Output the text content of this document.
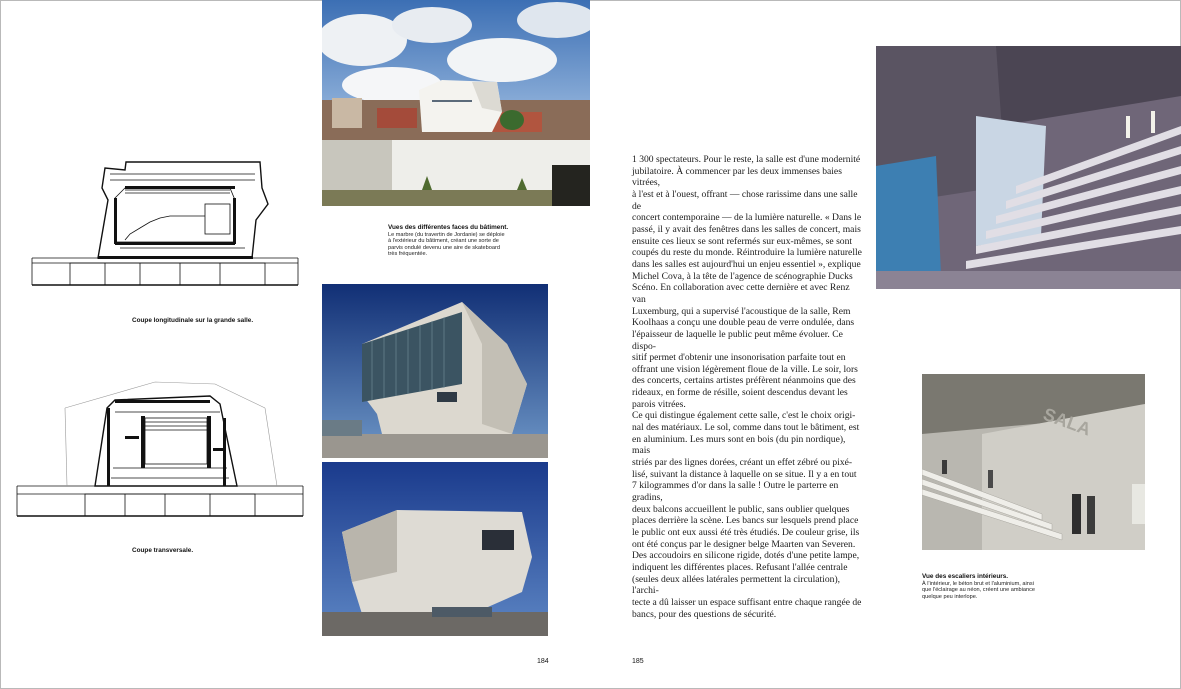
Coupe longitudinale sur la grande salle.
Coupe transversale.
Vues des différentes faces du bâtiment.
Le marbre (du travertin de Jordanie) se déploie
à l'extérieur du bâtiment, créant une sorte de
parvis ondulé devenu une aire de skateboard
très fréquentée.
184
1 300 spectateurs. Pour le reste, la salle est d'une modernité
jubilatoire. À commencer par les deux immenses baies vitrées,
à l'est et à l'ouest, offrant — chose rarissime dans une salle de
concert contemporaine — de la lumière naturelle. « Dans le
passé, il y avait des fenêtres dans les salles de concert, mais
ensuite ces lieux se sont refermés sur eux-mêmes, se sont
coupés du reste du monde. Réintroduire la lumière naturelle
dans les salles est aujourd'hui un enjeu essentiel », explique
Michel Cova, à la tête de l'agence de scénographie Ducks
Scéno. En collaboration avec cette dernière et avec Renz van
Luxemburg, qui a supervisé l'acoustique de la salle, Rem
Koolhaas a conçu une double peau de verre ondulée, dans
l'épaisseur de laquelle le public peut même évoluer. Ce dispo-
sitif permet d'obtenir une insonorisation parfaite tout en
offrant une vision légèrement floue de la ville. Le soir, lors
des concerts, certains artistes préfèrent néanmoins que des
rideaux, en forme de résille, soient descendus devant les
parois vitrées.
Ce qui distingue également cette salle, c'est le choix origi-
nal des matériaux. Le sol, comme dans tout le bâtiment, est
en aluminium. Les murs sont en bois (du pin nordique), mais
striés par des lignes dorées, créant un effet zébré ou pixé-
lisé, suivant la distance à laquelle on se situe. Il y a en tout
7 kilogrammes d'or dans la salle ! Outre le parterre en gradins,
deux balcons accueillent le public, sans oublier quelques
places derrière la scène. Les bancs sur lesquels prend place
le public ont eux aussi été très étudiés. De couleur grise, ils
ont été conçus par le designer belge Maarten van Severen.
Des accoudoirs en silicone rigide, dotés d'une petite lampe,
indiquent les différentes places. Refusant l'allée centrale
(seules deux allées latérales permettent la circulation), l'archi-
tecte a dû laisser un espace suffisant entre chaque rangée de
bancs, pour des questions de sécurité.
SALA
Vue des escaliers intérieurs.
À l'intérieur, le béton brut et l'aluminium, ainsi
que l'éclairage au néon, créent une ambiance
quelque peu interlope.
185
